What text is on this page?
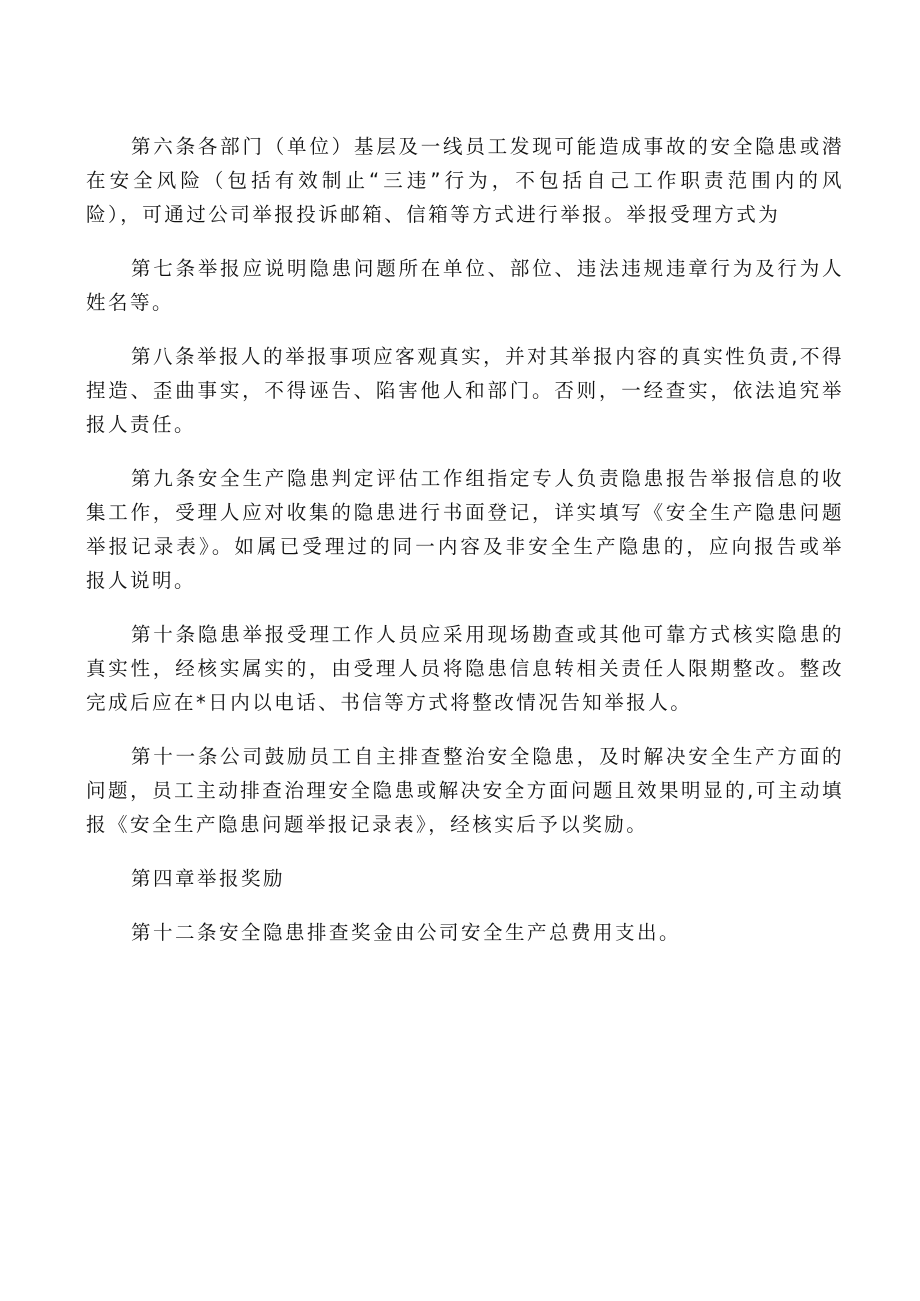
第六条各部门（单位）基层及一线员工发现可能造成事故的安全隐患或潜在安全风险（包括有效制止“三违”行为，不包括自己工作职责范围内的风险），可通过公司举报投诉邮箱、信箱等方式进行举报。举报受理方式为

第七条举报应说明隐患问题所在单位、部位、违法违规违章行为及行为人姓名等。

第八条举报人的举报事项应客观真实，并对其举报内容的真实性负责,不得捏造、歪曲事实，不得诬告、陷害他人和部门。否则，一经查实，依法追究举报人责任。

第九条安全生产隐患判定评估工作组指定专人负责隐患报告举报信息的收集工作，受理人应对收集的隐患进行书面登记，详实填写《安全生产隐患问题举报记录表》。如属已受理过的同一内容及非安全生产隐患的，应向报告或举报人说明。

第十条隐患举报受理工作人员应采用现场勘查或其他可靠方式核实隐患的真实性，经核实属实的，由受理人员将隐患信息转相关责任人限期整改。整改完成后应在*日内以电话、书信等方式将整改情况告知举报人。

第十一条公司鼓励员工自主排查整治安全隐患，及时解决安全生产方面的问题，员工主动排查治理安全隐患或解决安全方面问题且效果明显的,可主动填报《安全生产隐患问题举报记录表》，经核实后予以奖励。

第四章举报奖励

第十二条安全隐患排查奖金由公司安全生产总费用支出。
